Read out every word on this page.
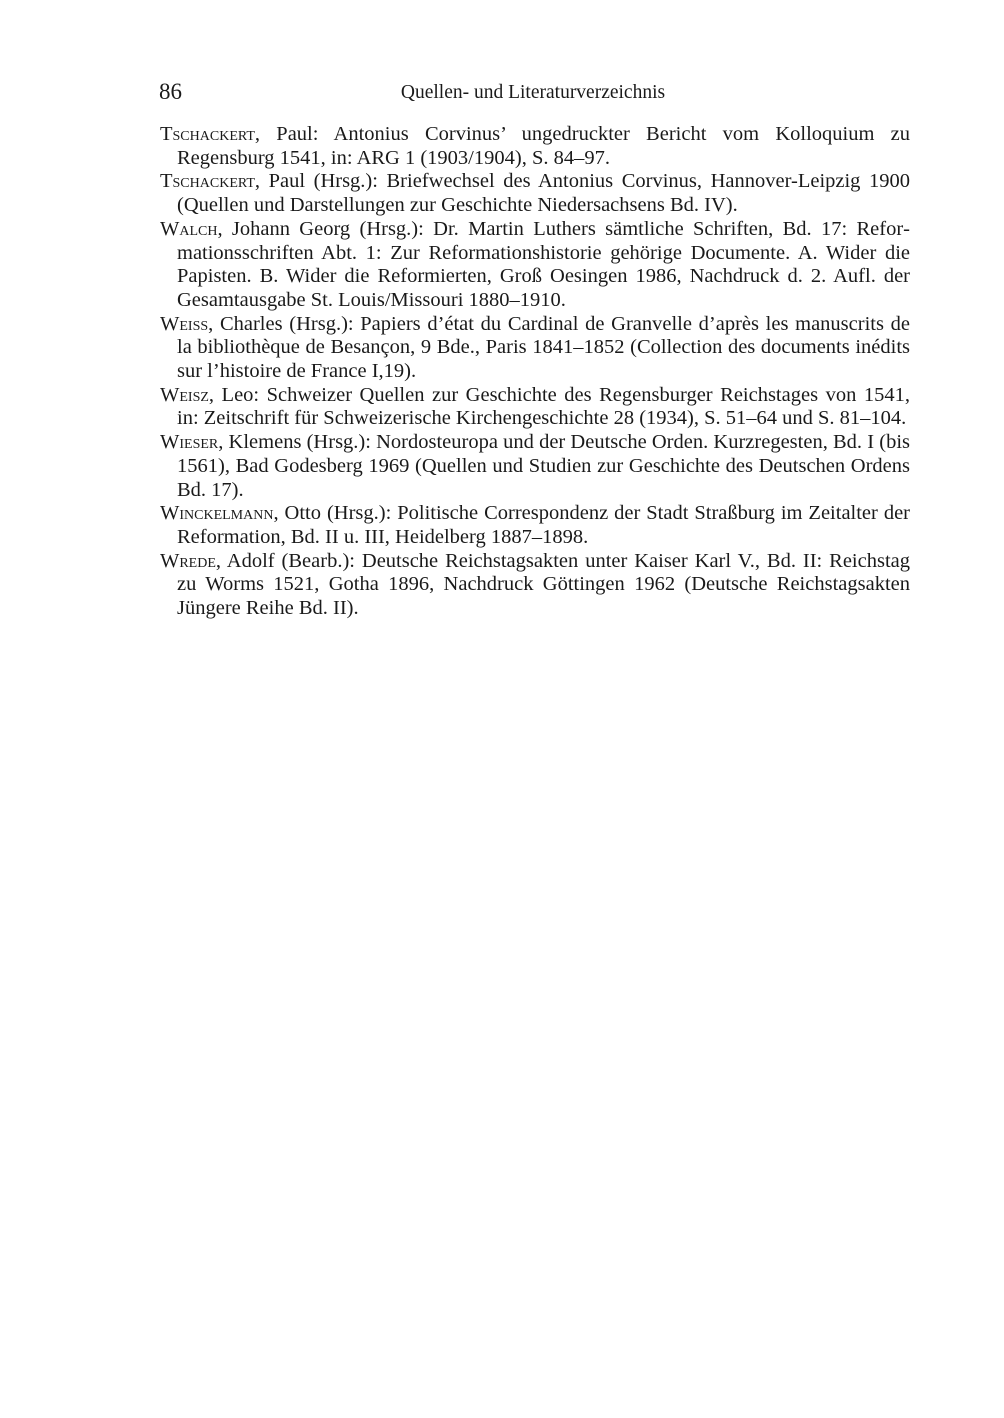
86	Quellen- und Literaturverzeichnis
Tschackert, Paul: Antonius Corvinus’ ungedruckter Bericht vom Kolloquium zu Regensburg 1541, in: ARG 1 (1903/1904), S. 84–97.
Tschackert, Paul (Hrsg.): Briefwechsel des Antonius Corvinus, Hannover-Leipzig 1900 (Quellen und Darstellungen zur Geschichte Niedersachsens Bd. IV).
Walch, Johann Georg (Hrsg.): Dr. Martin Luthers sämtliche Schriften, Bd. 17: Reformationsschriften Abt. 1: Zur Reformationshistorie gehörige Documente. A. Wider die Papisten. B. Wider die Reformierten, Groß Oesingen 1986, Nachdruck d. 2. Aufl. der Gesamtausgabe St. Louis/Missouri 1880–1910.
Weiss, Charles (Hrsg.): Papiers d’état du Cardinal de Granvelle d’après les manuscrits de la bibliothèque de Besançon, 9 Bde., Paris 1841–1852 (Collection des documents inédits sur l’histoire de France I,19).
Weisz, Leo: Schweizer Quellen zur Geschichte des Regensburger Reichstages von 1541, in: Zeitschrift für Schweizerische Kirchengeschichte 28 (1934), S. 51–64 und S. 81–104.
Wieser, Klemens (Hrsg.): Nordosteuropa und der Deutsche Orden. Kurzregesten, Bd. I (bis 1561), Bad Godesberg 1969 (Quellen und Studien zur Geschichte des Deutschen Ordens Bd. 17).
Winckelmann, Otto (Hrsg.): Politische Correspondenz der Stadt Straßburg im Zeitalter der Reformation, Bd. II u. III, Heidelberg 1887–1898.
Wrede, Adolf (Bearb.): Deutsche Reichstagsakten unter Kaiser Karl V., Bd. II: Reichstag zu Worms 1521, Gotha 1896, Nachdruck Göttingen 1962 (Deutsche Reichstagsakten Jüngere Reihe Bd. II).
